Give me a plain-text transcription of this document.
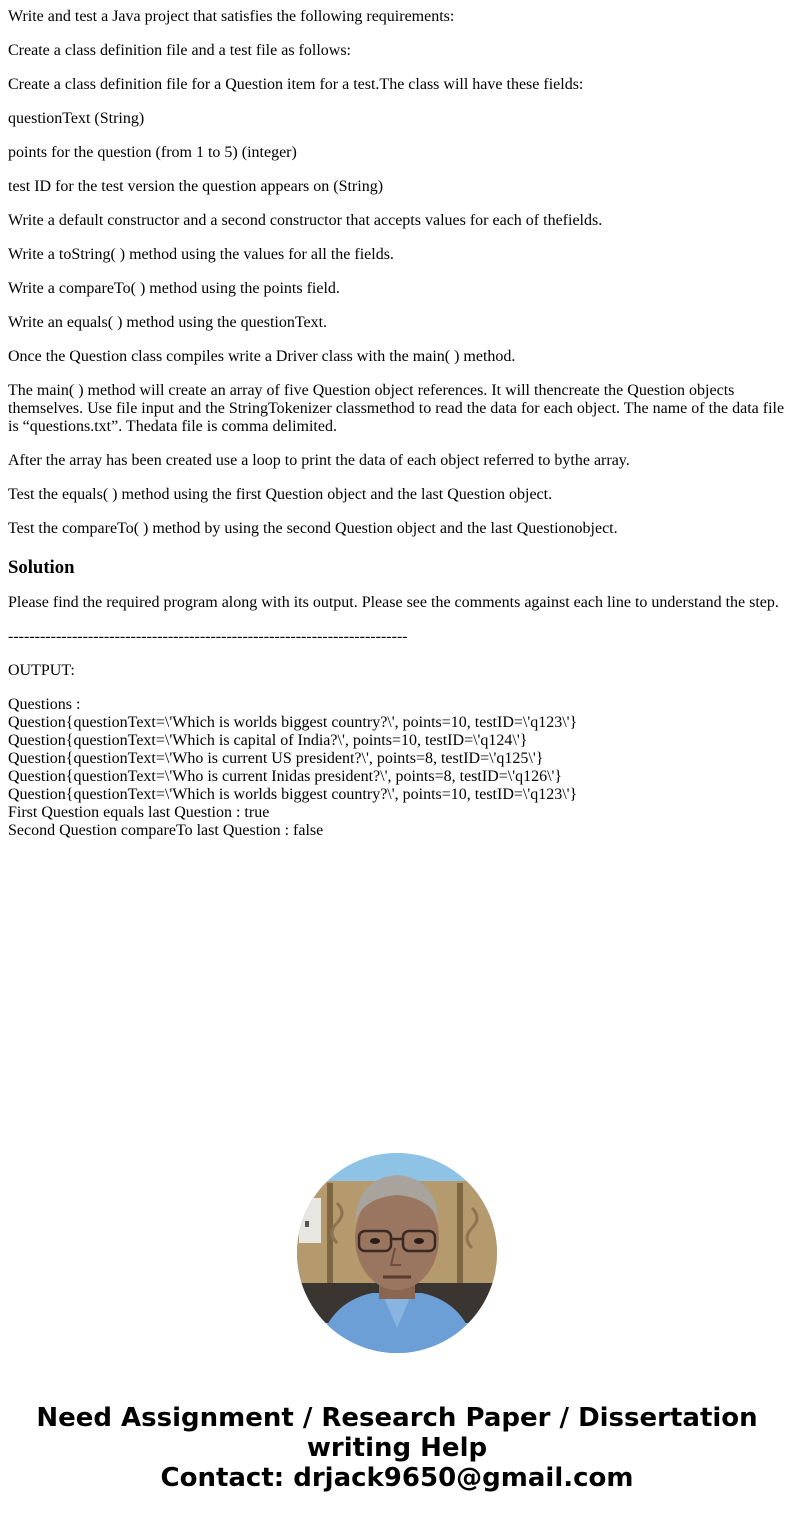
Write and test a Java project that satisfies the following requirements:

Create a class definition file and a test file as follows:

Create a class definition file for a Question item for a test.The class will have these fields:

questionText (String)

points for the question (from 1 to 5) (integer)

test ID for the test version the question appears on (String)

Write a default constructor and a second constructor that accepts values for each of thefields.

Write a toString( ) method using the values for all the fields.

Write a compareTo( ) method using the points field.

Write an equals( ) method using the questionText.

Once the Question class compiles write a Driver class with the main( ) method.

The main( ) method will create an array of five Question object references. It will thencreate the Question objects themselves. Use file input and the StringTokenizer classmethod to read the data for each object. The name of the data file is “questions.txt”. Thedata file is comma delimited.

After the array has been created use a loop to print the data of each object referred to bythe array.

Test the equals( ) method using the first Question object and the last Question object.

Test the compareTo( ) method by using the second Question object and the last Questionobject.

Solution

Please find the required program along with its output. Please see the comments against each line to understand the step.

---------------------------------------------------------------------------

OUTPUT:

Questions :
Question{questionText=\'Which is worlds biggest country?\', points=10, testID=\'q123\'}
Question{questionText=\'Which is capital of India?\', points=10, testID=\'q124\'}
Question{questionText=\'Who is current US president?\', points=8, testID=\'q125\'}
Question{questionText=\'Who is current Inidas president?\', points=8, testID=\'q126\'}
Question{questionText=\'Which is worlds biggest country?\', points=10, testID=\'q123\'}
First Question equals last Question : true
Second Question compareTo last Question : false
Need Assignment / Research Paper / Dissertation
writing Help
Contact: drjack9650@gmail.com
